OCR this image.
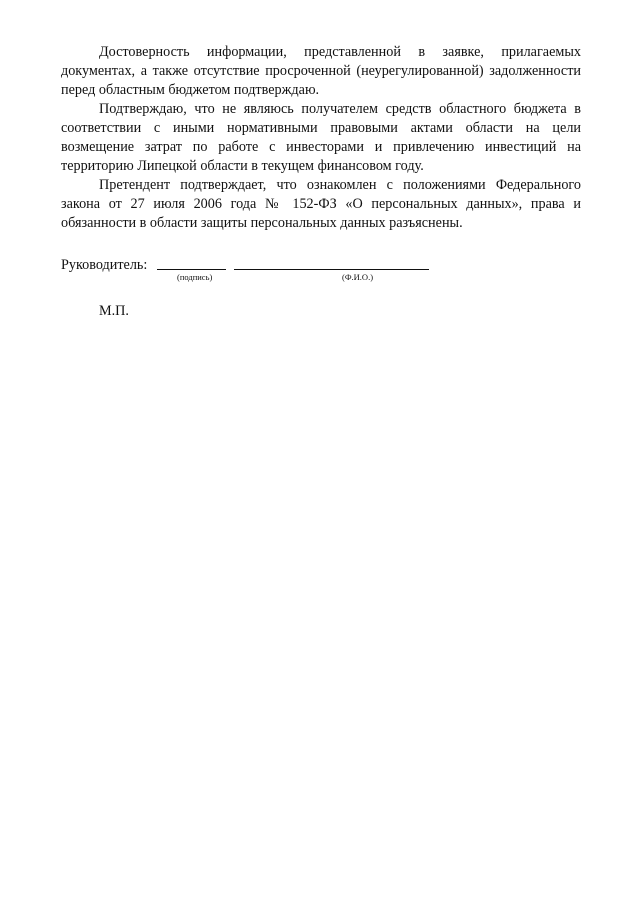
Достоверность информации, представленной в заявке, прилагаемых документах, а также отсутствие просроченной (неурегулированной) задолженности перед областным бюджетом подтверждаю.

Подтверждаю, что не являюсь получателем средств областного бюджета в соответствии с иными нормативными правовыми актами области на цели возмещение затрат по работе с инвесторами и привлечению инвестиций на территорию Липецкой области в текущем финансовом году.

Претендент подтверждает, что ознакомлен с положениями Федерального закона от 27 июля 2006 года № 152-ФЗ «О персональных данных», права и обязанности в области защиты персональных данных разъяснены.

Руководитель:
(подпись)	(Ф.И.О.)
М.П.
